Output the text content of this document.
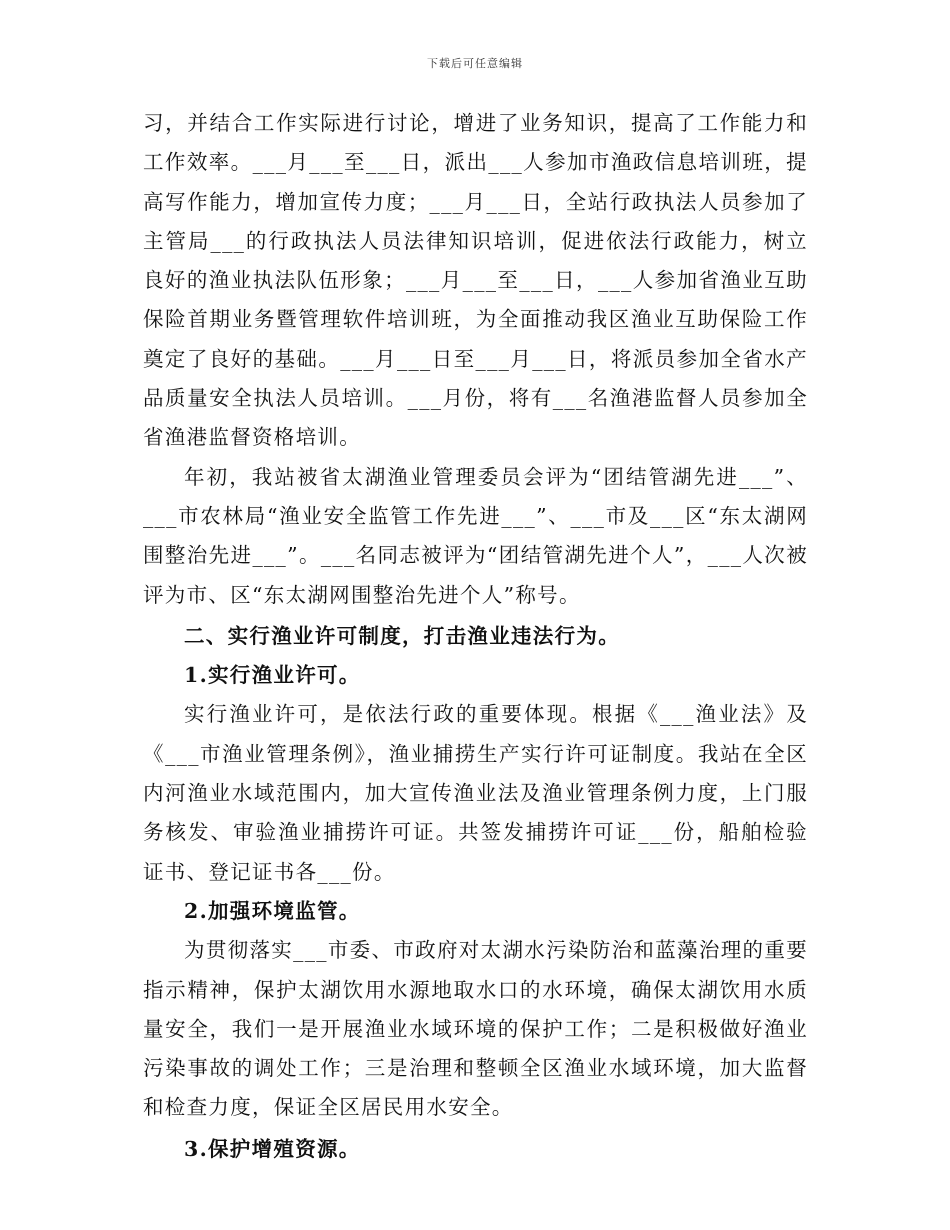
下载后可任意编辑

习，并结合工作实际进行讨论，增进了业务知识，提高了工作能力和工作效率。___月___至___日，派出___人参加市渔政信息培训班，提高写作能力，增加宣传力度；___月___日，全站行政执法人员参加了主管局___的行政执法人员法律知识培训，促进依法行政能力，树立良好的渔业执法队伍形象；___月___至___日，___人参加省渔业互助保险首期业务暨管理软件培训班，为全面推动我区渔业互助保险工作奠定了良好的基础。___月___日至___月___日，将派员参加全省水产品质量安全执法人员培训。___月份，将有___名渔港监督人员参加全省渔港监督资格培训。

年初，我站被省太湖渔业管理委员会评为“团结管湖先进___”、___市农林局“渔业安全监管工作先进___”、___市及___区“东太湖网围整治先进___”。___名同志被评为“团结管湖先进个人”，___人次被评为市、区“东太湖网围整治先进个人”称号。

二、实行渔业许可制度，打击渔业违法行为。

1.实行渔业许可。

实行渔业许可，是依法行政的重要体现。根据《___渔业法》及《___市渔业管理条例》，渔业捕捞生产实行许可证制度。我站在全区内河渔业水域范围内，加大宣传渔业法及渔业管理条例力度，上门服务核发、审验渔业捕捞许可证。共签发捕捞许可证___份，船舶检验证书、登记证书各___份。

2.加强环境监管。

为贯彻落实___市委、市政府对太湖水污染防治和蓝藻治理的重要指示精神，保护太湖饮用水源地取水口的水环境，确保太湖饮用水质量安全，我们一是开展渔业水域环境的保护工作；二是积极做好渔业污染事故的调处工作；三是治理和整顿全区渔业水域环境，加大监督和检查力度，保证全区居民用水安全。

3.保护增殖资源。
